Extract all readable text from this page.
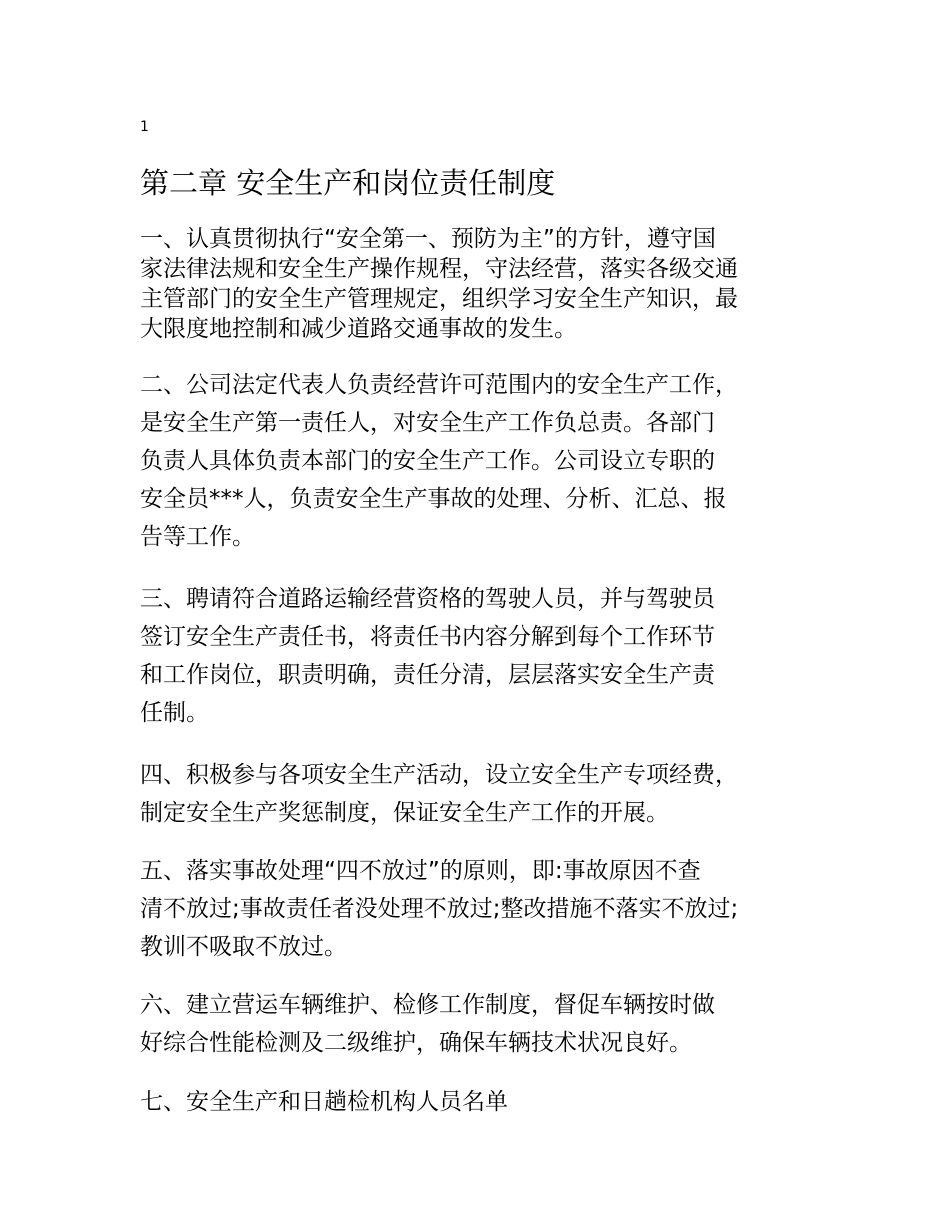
1
第二章 安全生产和岗位责任制度

一、认真贯彻执行“安全第一、预防为主”的方针，遵守国
家法律法规和安全生产操作规程，守法经营，落实各级交通
主管部门的安全生产管理规定，组织学习安全生产知识，最
大限度地控制和减少道路交通事故的发生。

二、公司法定代表人负责经营许可范围内的安全生产工作，
是安全生产第一责任人，对安全生产工作负总责。各部门
负责人具体负责本部门的安全生产工作。公司设立专职的
安全员***人，负责安全生产事故的处理、分析、汇总、报
告等工作。

三、聘请符合道路运输经营资格的驾驶人员，并与驾驶员
签订安全生产责任书，将责任书内容分解到每个工作环节
和工作岗位，职责明确，责任分清，层层落实安全生产责
任制。

四、积极参与各项安全生产活动，设立安全生产专项经费，
制定安全生产奖惩制度，保证安全生产工作的开展。

五、落实事故处理“四不放过”的原则，即:事故原因不查
清不放过;事故责任者没处理不放过;整改措施不落实不放过;
教训不吸取不放过。

六、建立营运车辆维护、检修工作制度，督促车辆按时做
好综合性能检测及二级维护，确保车辆技术状况良好。

七、安全生产和日趟检机构人员名单
